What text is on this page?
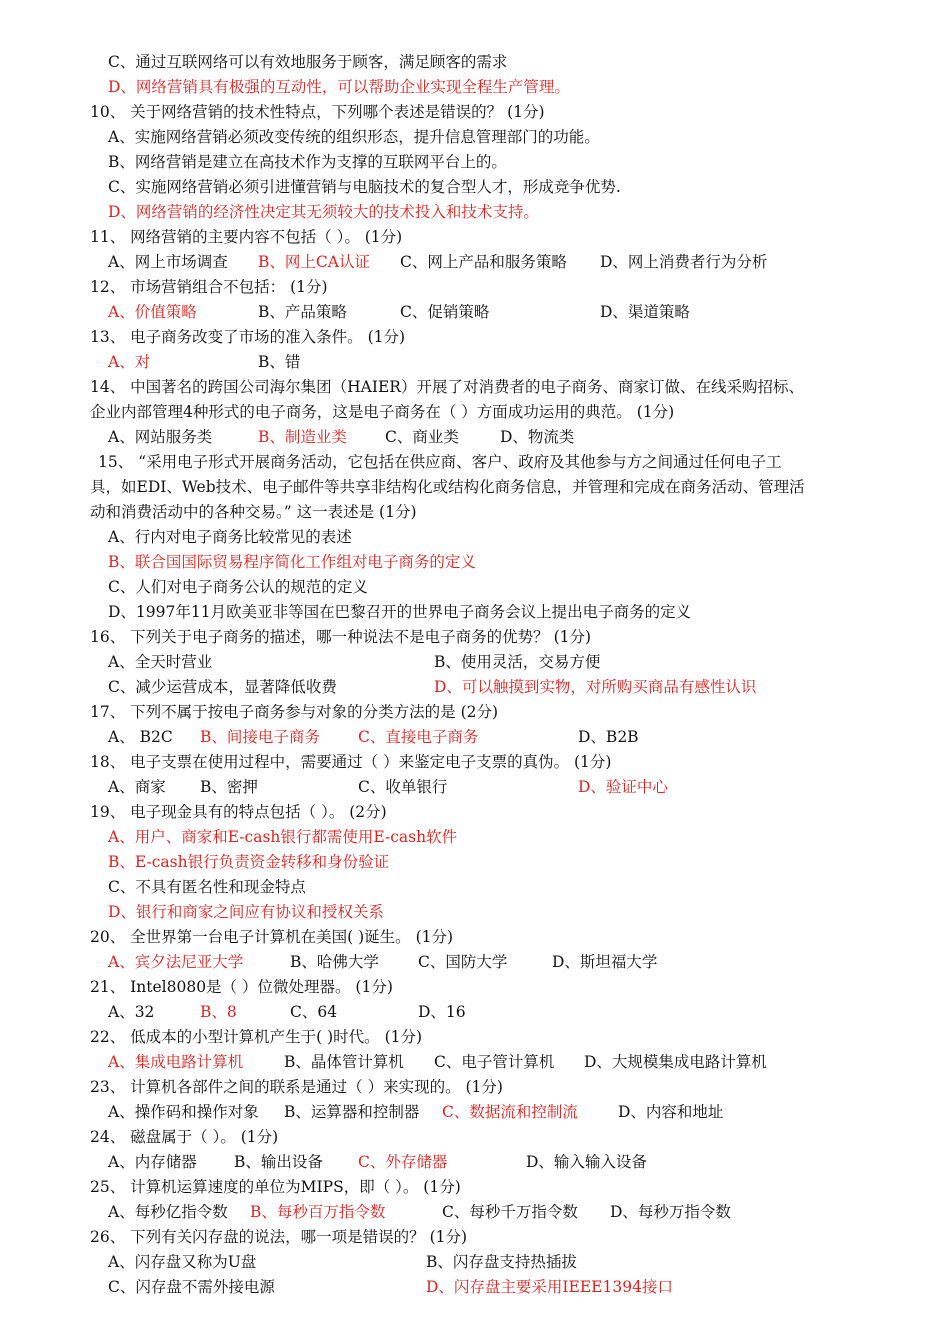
C、通过互联网络可以有效地服务于顾客，满足顾客的需求
D、网络营销具有极强的互动性，可以帮助企业实现全程生产管理。
10、 关于网络营销的技术性特点，下列哪个表述是错误的？ (1分)
A、实施网络营销必须改变传统的组织形态，提升信息管理部门的功能。
B、网络营销是建立在高技术作为支撑的互联网平台上的。
C、实施网络营销必须引进懂营销与电脑技术的复合型人才，形成竞争优势.
D、网络营销的经济性决定其无须较大的技术投入和技术支持。
11、 网络营销的主要内容不包括（ ）。 (1分)
A、网上市场调查 B、网上CA认证 C、网上产品和服务策略 D、网上消费者行为分析
12、 市场营销组合不包括： (1分)
A、价值策略	B、产品策略	C、促销策略	D、渠道策略
13、 电子商务改变了市场的准入条件。 (1分)
A、对	B、错
14、 中国著名的跨国公司海尔集团（HAIER）开展了对消费者的电子商务、商家订做、在线采购招标、
企业内部管理4种形式的电子商务，这是电子商务在（ ）方面成功运用的典范。 (1分)
A、网站服务类	B、制造业类 C、商业类	D、物流类
15、 “采用电子形式开展商务活动，它包括在供应商、客户、政府及其他参与方之间通过任何电子工
具，如EDI、Web技术、电子邮件等共享非结构化或结构化商务信息，并管理和完成在商务活动、管理活
动和消费活动中的各种交易。” 这一表述是 (1分)
A、行内对电子商务比较常见的表述
B、联合国国际贸易程序简化工作组对电子商务的定义
C、人们对电子商务公认的规范的定义
D、1997年11月欧美亚非等国在巴黎召开的世界电子商务会议上提出电子商务的定义
16、 下列关于电子商务的描述，哪一种说法不是电子商务的优势？ (1分)
A、全天时营业	B、使用灵活，交易方便
C、减少运营成本，显著降低收费	D、可以触摸到实物，对所购买商品有感性认识
17、 下列不属于按电子商务参与对象的分类方法的是 (2分)
A、 B2C B、间接电子商务 C、直接电子商务	D、B2B
18、 电子支票在使用过程中，需要通过（ ）来鉴定电子支票的真伪。 (1分)
A、商家 B、密押	C、收单银行	D、验证中心
19、 电子现金具有的特点包括（ ）。 (2分)
A、用户、商家和E-cash银行都需使用E-cash软件
B、E-cash银行负责资金转移和身份验证
C、不具有匿名性和现金特点
D、银行和商家之间应有协议和授权关系
20、 全世界第一台电子计算机在美国( )诞生。 (1分)
A、宾夕法尼亚大学	B、哈佛大学	C、国防大学	D、斯坦福大学
21、 Intel8080是（ ）位微处理器。 (1分)
A、32	B、8	C、64	D、16
22、 低成本的小型计算机产生于( )时代。 (1分)
A、集成电路计算机	B、晶体管计算机 C、电子管计算机 D、大规模集成电路计算机
23、 计算机各部件之间的联系是通过（ ）来实现的。 (1分)
A、操作码和操作对象 B、运算器和控制器 C、数据流和控制流	D、内容和地址
24、 磁盘属于（ ）。 (1分)
A、内存储器 B、输出设备 C、外存储器	D、输入输入设备
25、 计算机运算速度的单位为MIPS，即（ ）。 (1分)
A、每秒亿指令数 B、每秒百万指令数	C、每秒千万指令数 D、每秒万指令数
26、 下列有关闪存盘的说法，哪一项是错误的？ (1分)
A、闪存盘又称为U盘	B、闪存盘支持热插拔
C、闪存盘不需外接电源	D、闪存盘主要采用IEEE1394接口
